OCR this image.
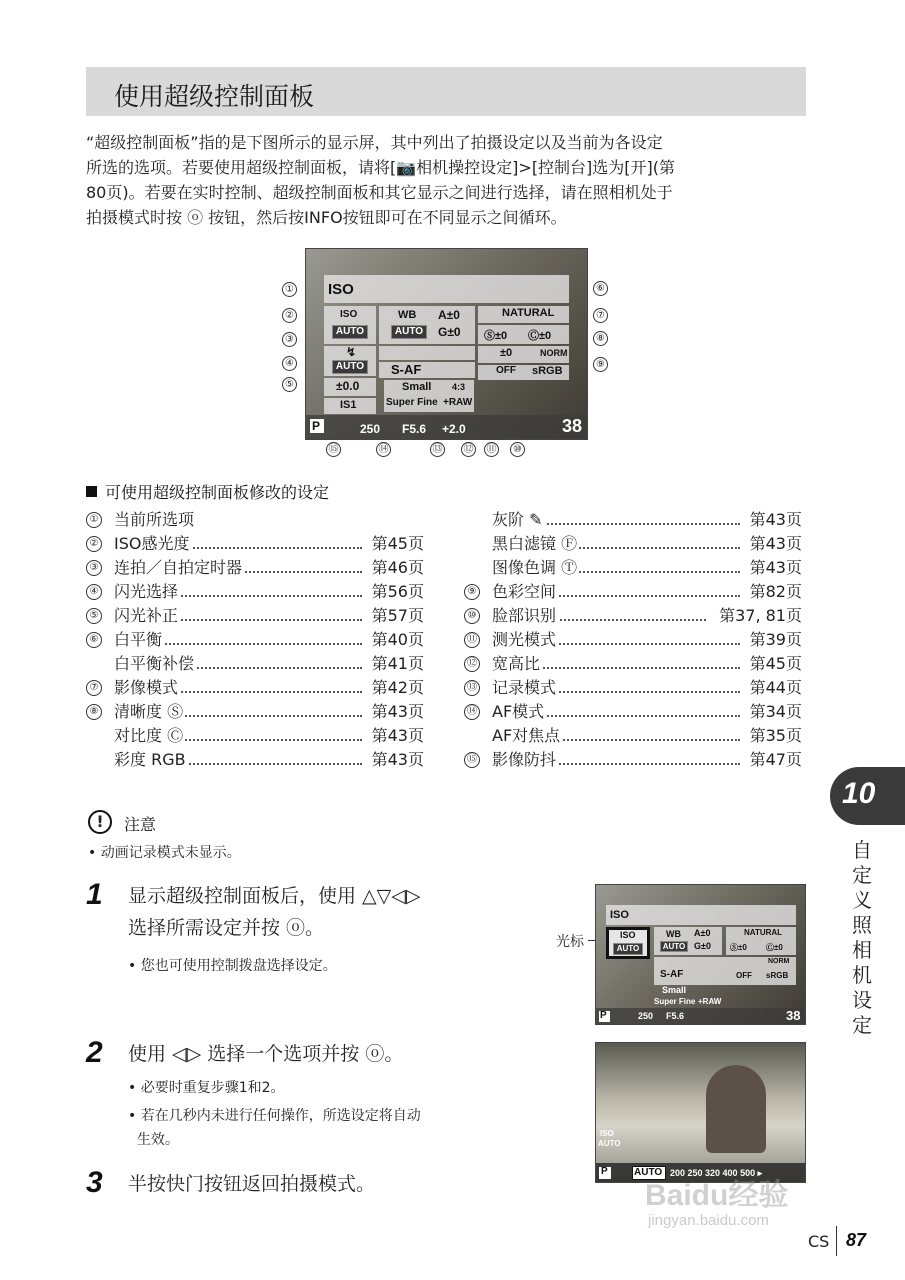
使用超级控制面板

“超级控制面板”指的是下图所示的显示屏，其中列出了拍摄设定以及当前为各设定

所选的选项。若要使用超级控制面板，请将[📷相机操控设定]>[控制台]选为[开](第

80页)。若要在实时控制、超级控制面板和其它显示之间进行选择，请在照相机处于

拍摄模式时按 ⓞ 按钮，然后按INFO按钮即可在不同显示之间循环。

ISO
ISO
AUTO
↯
AUTO
±0.0
IS1
WB
AUTO
A±0
G±0
NATURAL
Ⓢ±0 Ⓒ±0
±0	NORM
S-AF	OFF sRGB
Small 4:3
Super Fine +RAW
P	250 F5.6 +2.0	38
①
②
③
④
⑤
⑥
⑦
⑧
⑨
⑩
⑪
⑫
⑬
⑭
⑮
可使用超级控制面板修改的设定
① 当前所选项
② ISO感光度	第45页
③ 连拍／自拍定时器	第46页
④ 闪光选择	第56页
⑤ 闪光补正	第57页
⑥ 白平衡	第40页
白平衡补偿	第41页
⑦ 影像模式	第42页
⑧ 清晰度 Ⓢ	第43页
对比度 Ⓒ	第43页
彩度 RGB	第43页
灰阶 ✎	第43页
黑白滤镜 Ⓕ	第43页
图像色调 Ⓣ	第43页
⑨ 色彩空间	第82页
⑩ 脸部识别	第37, 81页
⑪ 测光模式	第39页
⑫ 宽高比	第45页
⑬ 记录模式	第44页
⑭ AF模式	第34页
AF对焦点	第35页
⑮ 影像防抖	第47页
10
自
定
义
照
相
机
设
定
!	注意
• 动画记录模式未显示。
1 显示超级控制面板后，使用 △▽◁▷
选择所需设定并按 ⓞ。
• 您也可使用控制拨盘选择设定。
光标
ISO
ISO
AUTO
WB
AUTO
A±0
G±0
NATURAL
Ⓢ±0 Ⓒ±0
S-AF
NORM
OFF sRGB
Small
Super Fine +RAW
P	250 F5.6	38
2 使用 ◁▷ 选择一个选项并按 ⓞ。
• 必要时重复步骤1和2。
• 若在几秒内未进行任何操作，所选设定将自动
生效。	ISO
AUTO
P	AUTO 200 250 320 400 500 ▸
3 半按快门按钮返回拍摄模式。	Baidu经验
jingyan.baidu.com
CS 87
